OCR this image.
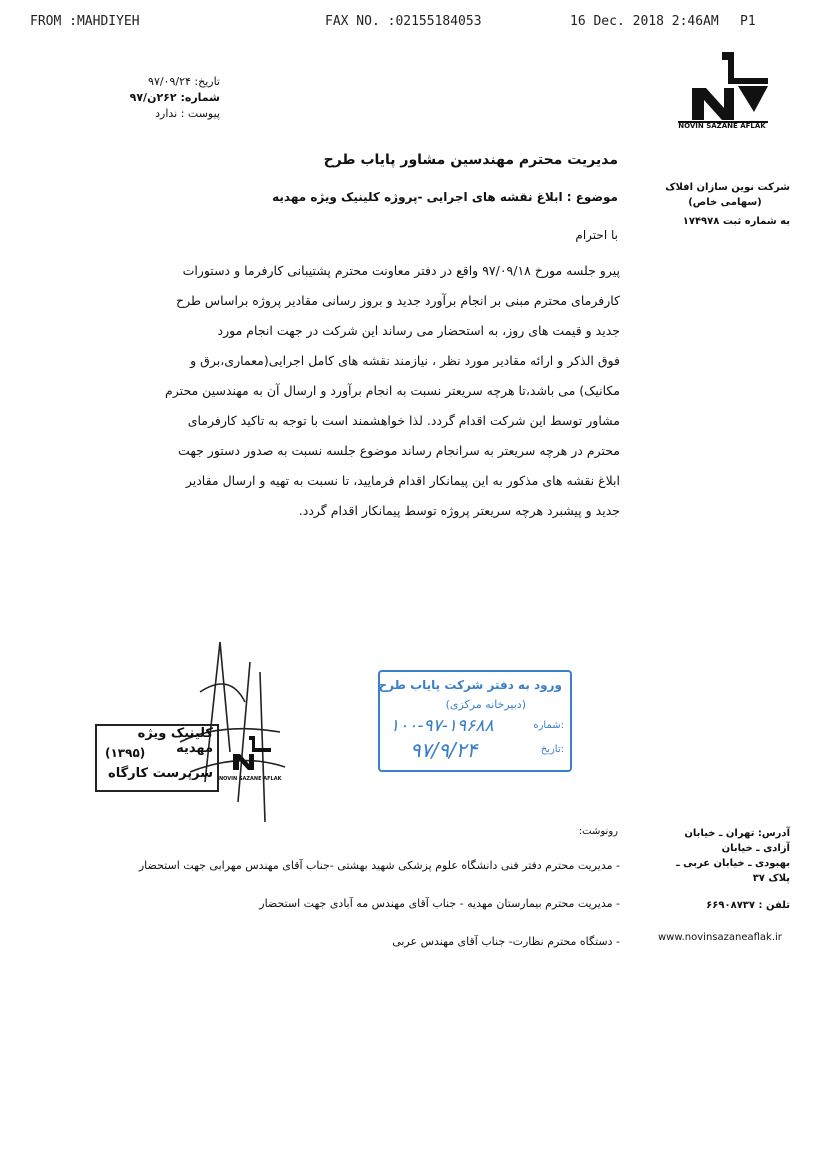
FROM :MAHDIYEH	FAX NO. :02155184053	16 Dec. 2018 2:46AM P1
تاریخ: ۹۷/۰۹/۲۴
شماره: ۲۶۲ن/۹۷
پیوست : ندارد
NOVIN SAZANE AFLAK
شرکت نوین سازان افلاک
(سهامی خاص)
به شماره ثبت ۱۷۴۹۷۸
آدرس: تهران ـ خیابان آزادی ـ خیابان
بهبودی ـ خیابان عربی ـ پلاک ۳۷
تلفن : ۶۶۹۰۸۷۳۷
www.novinsazaneaflak.ir
مدیریت محترم مهندسین مشاور پایاب طرح
موضوع : ابلاغ نقشه های اجرایی -پروژه کلینیک ویژه مهدیه
با احترام
پیرو جلسه مورخ ۹۷/۰۹/۱۸ واقع در دفتر معاونت محترم پشتیبانی کارفرما و دستورات
کارفرمای محترم مبنی بر انجام برآورد جدید و بروز رسانی مقادیر پروژه براساس طرح
جدید و قیمت های روز، به استحضار می رساند این شرکت در جهت انجام مورد
فوق الذکر و ارائه مقادیر مورد نظر ، نیازمند نقشه های کامل اجرایی(معماری،برق و
مکانیک) می باشد،تا هرچه سریعتر نسبت به انجام برآورد و ارسال آن به مهندسین محترم
مشاور توسط این شرکت اقدام گردد. لذا خواهشمند است با توجه به تاکید کارفرمای
محترم در هرچه سریعتر به سرانجام رساند موضوع جلسه نسبت به صدور دستور جهت
ابلاغ نقشه های مذکور به این پیمانکار اقدام فرمایید، تا نسبت به تهیه و ارسال مقادیر
جدید و پیشبرد هرچه سریعتر پروژه توسط پیمانکار اقدام گردد.
کلینیک ویژه مهدیه
(۱۳۹۵)
سرپرست کارگاه NOVIN SAZANE AFLAK
ورود به دفتر شرکت پایاب طرح
(دبیرخانه مرکزی)
شماره:
۱۰۰-۹۷-۱۹۶۸۸
تاریخ:
۹۷/۹/۲۴
رونوشت:
- مدیریت محترم دفتر فنی دانشگاه علوم پزشکی شهید بهشتی -جناب آقای مهندس مهرابی جهت استحضار
- مدیریت محترم بیمارستان مهدیه - جناب آقای مهندس مه آبادی جهت استحضار
- دستگاه محترم نظارت- جناب آقای مهندس عربی
